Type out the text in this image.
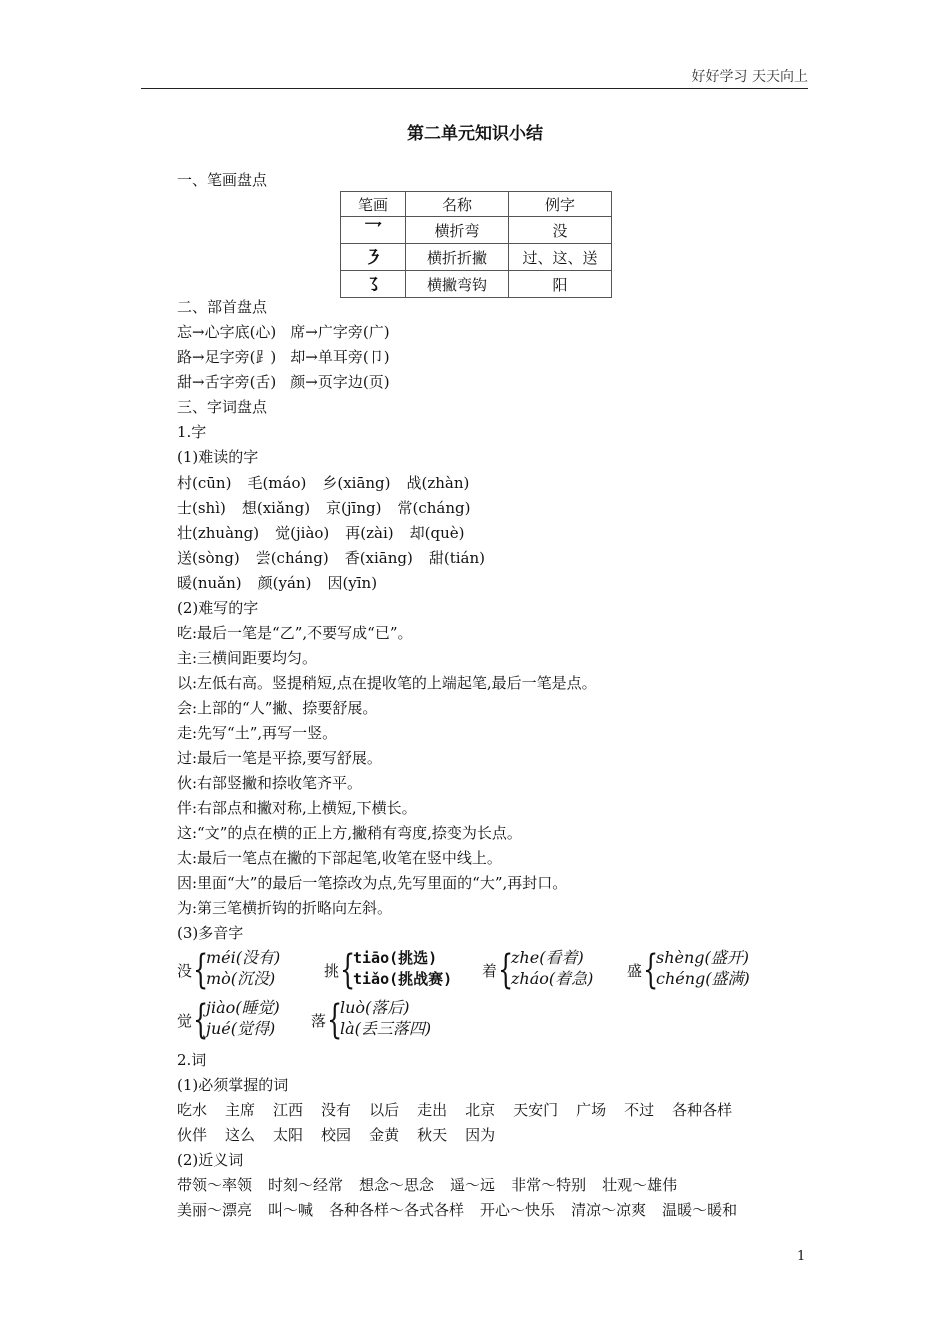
好好学习 天天向上
第二单元知识小结
一、笔画盘点
笔画	名称	例字
乛	横折弯	没
㇋	横折折撇	过、这、送
㇌	横撇弯钩	阳
二、部首盘点
忘→心字底(心) 席→广字旁(广)
路→足字旁(⻊) 却→单耳旁(卩)
甜→舌字旁(舌) 颜→页字边(页)
三、字词盘点
1.字
(1)难读的字
村(cūn) 毛(máo) 乡(xiāng) 战(zhàn)
士(shì) 想(xiǎng) 京(jīng) 常(cháng)
壮(zhuàng) 觉(jiào) 再(zài) 却(què)
送(sòng) 尝(cháng) 香(xiāng) 甜(tián)
暖(nuǎn) 颜(yán) 因(yīn)
(2)难写的字
吃:最后一笔是“乙”,不要写成“已”。
主:三横间距要均匀。
以:左低右高。竖提稍短,点在提收笔的上端起笔,最后一笔是点。
会:上部的“人”撇、捺要舒展。
走:先写“土”,再写一竖。
过:最后一笔是平捺,要写舒展。
伙:右部竖撇和捺收笔齐平。
伴:右部点和撇对称,上横短,下横长。
这:“文”的点在横的正上方,撇稍有弯度,捺变为长点。
太:最后一笔点在撇的下部起笔,收笔在竖中线上。
因:里面“大”的最后一笔捺改为点,先写里面的“大”,再封口。
为:第三笔横折钩的折略向左斜。
(3)多音字
没 {
méi(没有)
mò(沉没)	挑 {
tiāo(挑选)
tiǎo(挑战赛) 着 {
zhe(看着)
zháo(着急) 盛 {
shèng(盛开)
chéng(盛满)
觉 {
jiào(睡觉)
jué(觉得) 落 {
luò(落后)
là(丢三落四)
2.词
(1)必须掌握的词
吃水 主席 江西 没有 以后 走出 北京 天安门 广场 不过 各种各样
伙伴 这么 太阳 校园 金黄 秋天 因为
(2)近义词
带领～率领 时刻～经常 想念～思念 遥～远 非常～特别 壮观～雄伟
美丽～漂亮 叫～喊 各种各样～各式各样 开心～快乐 清凉～凉爽 温暖～暖和
1
